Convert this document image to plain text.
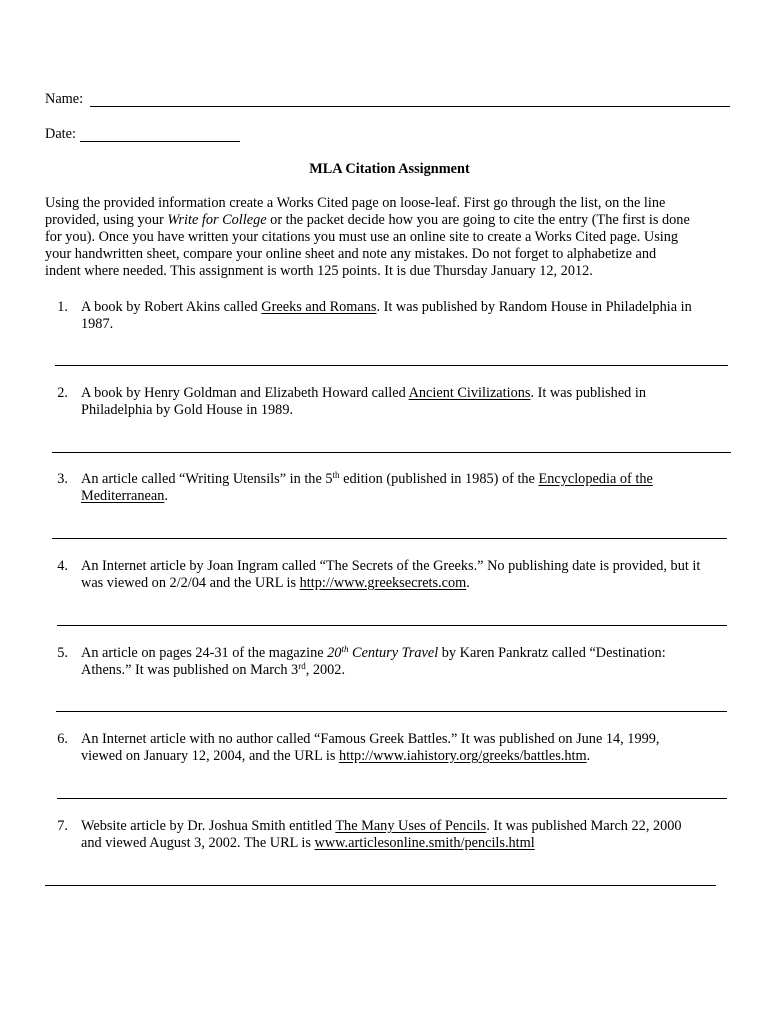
Name:
Date:
MLA Citation Assignment
Using the provided information create a Works Cited page on loose-leaf. First go through the list, on the line
provided, using your Write for College or the packet decide how you are going to cite the entry (The first is done
for you). Once you have written your citations you must use an online site to create a Works Cited page. Using
your handwritten sheet, compare your online sheet and note any mistakes. Do not forget to alphabetize and
indent where needed. This assignment is worth 125 points. It is due Thursday January 12, 2012.
1. A book by Robert Akins called Greeks and Romans. It was published by Random House in Philadelphia in
1987.
2. A book by Henry Goldman and Elizabeth Howard called Ancient Civilizations. It was published in
Philadelphia by Gold House in 1989.
3. An article called “Writing Utensils” in the 5th edition (published in 1985) of the Encyclopedia of the
Mediterranean.
4. An Internet article by Joan Ingram called “The Secrets of the Greeks.” No publishing date is provided, but it
was viewed on 2/2/04 and the URL is http://www.greeksecrets.com.
5. An article on pages 24-31 of the magazine 20th Century Travel by Karen Pankratz called “Destination:
Athens.” It was published on March 3rd, 2002.
6. An Internet article with no author called “Famous Greek Battles.” It was published on June 14, 1999,
viewed on January 12, 2004, and the URL is http://www.iahistory.org/greeks/battles.htm.
7. Website article by Dr. Joshua Smith entitled The Many Uses of Pencils. It was published March 22, 2000
and viewed August 3, 2002. The URL is www.articlesonline.smith/pencils.html
